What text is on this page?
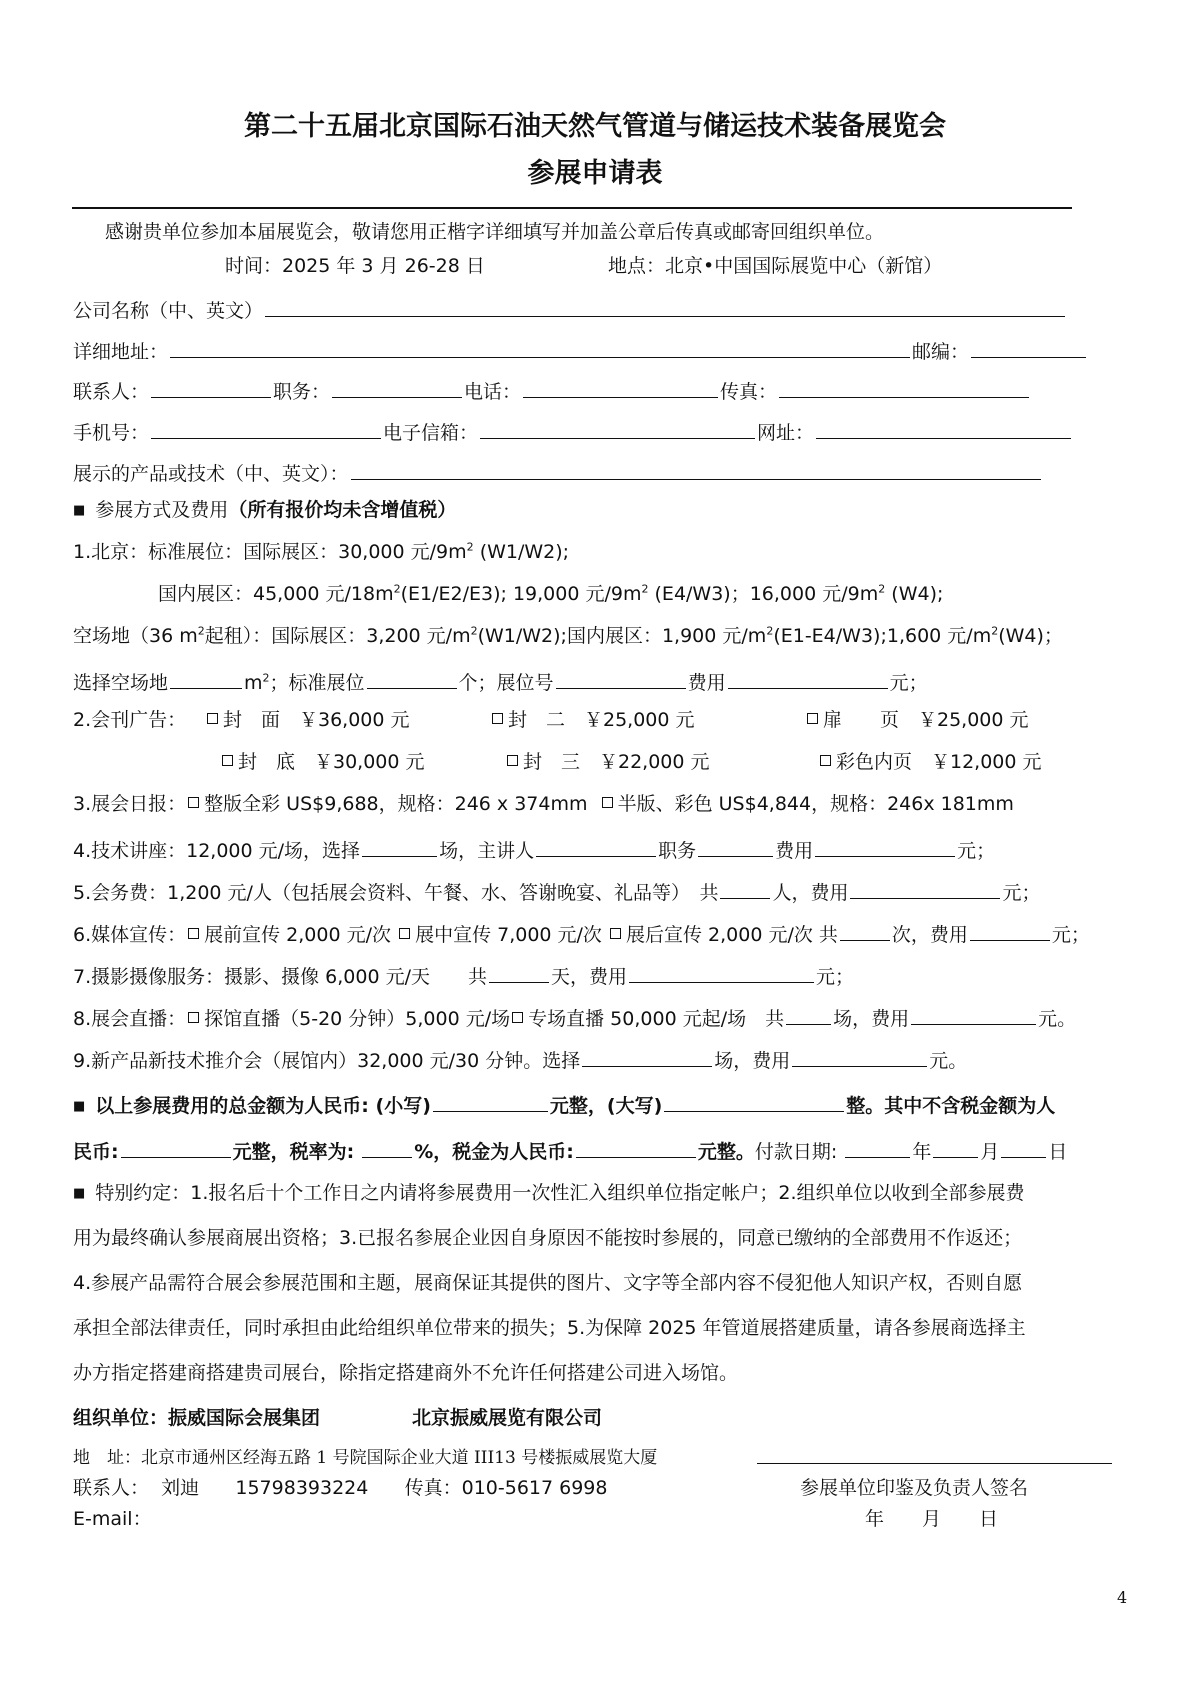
第二十五届北京国际石油天然气管道与储运技术装备展览会
参展申请表
感谢贵单位参加本届展览会，敬请您用正楷字详细填写并加盖公章后传真或邮寄回组织单位。
时间：2025 年 3 月 26-28 日	地点：北京•中国国际展览中心（新馆）
公司名称（中、英文）
详细地址：	邮编：
联系人：	职务：	电话：	传真：
手机号：	电子信箱：	网址：
展示的产品或技术（中、英文）：
■ 参展方式及费用（所有报价均未含增值税）
1.北京：标准展位：国际展区：30,000 元$/9m^2$ (W1/W2);
国内展区：45,000 元$/18m^2(E1/E2/E3)$; 19,000 元$/9m^2$ (E4/W3)；16,000 元$/9m^2$ (W4);
空场地（36 $m^2$起租）：国际展区：3,200 元$/m^2(W1/W2)$;国内展区：1,900 元$/m^2(E1-E4/W3);1,600$ 元$/m^2(W4)$；
选择空场地	$m^2$；标准展位	个；展位号	费用	元；
2.会刊广告：	封　面　￥36,000 元	封　二　￥25,000 元	扉　　页　￥25,000 元
封　底　￥30,000 元	封　三　￥22,000 元	彩色内页　￥12,000 元
3.展会日报： 整版全彩 US$9,688，规格：246 x 374mm 半版、彩色 US$4,844，规格：246x 181mm
4.技术讲座：12,000 元/场，选择	场，主讲人	职务	费用	元；
5.会务费：1,200 元/人（包括展会资料、午餐、水、答谢晚宴、礼品等）　共	人，费用	元；
6.媒体宣传： 展前宣传 2,000 元/次 展中宣传 7,000 元/次 展后宣传 2,000 元/次 共	次，费用	元；
7.摄影摄像服务：摄影、摄像 6,000 元/天　　共	天，费用	元；
8.展会直播： 探馆直播（5-20 分钟）5,000 元/场 专场直播 50,000 元起/场　共	场，费用	元。
9.新产品新技术推介会（展馆内）32,000 元/30 分钟。选择	场，费用	元。
■ 以上参展费用的总金额为人民币: (小写)	元整，(大写)	整。其中不含税金额为人
民币:	元整，税率为:	%，税金为人民币:	元整。付款日期:	年	月	日
■ 特别约定：1.报名后十个工作日之内请将参展费用一次性汇入组织单位指定帐户；2.组织单位以收到全部参展费
用为最终确认参展商展出资格；3.已报名参展企业因自身原因不能按时参展的，同意已缴纳的全部费用不作返还；
4.参展产品需符合展会参展范围和主题，展商保证其提供的图片、文字等全部内容不侵犯他人知识产权，否则自愿
承担全部法律责任，同时承担由此给组织单位带来的损失；5.为保障 2025 年管道展搭建质量，请各参展商选择主
办方指定搭建商搭建贵司展台，除指定搭建商外不允许任何搭建公司进入场馆。
组织单位：振威国际会展集团	北京振威展览有限公司
地　址：北京市通州区经海五路 1 号院国际企业大道 III13 号楼振威展览大厦
联系人： 刘迪 15798393224 传真：010-5617 6998	参展单位印鉴及负责人签名
E-mail：	年　　月　　日
4
